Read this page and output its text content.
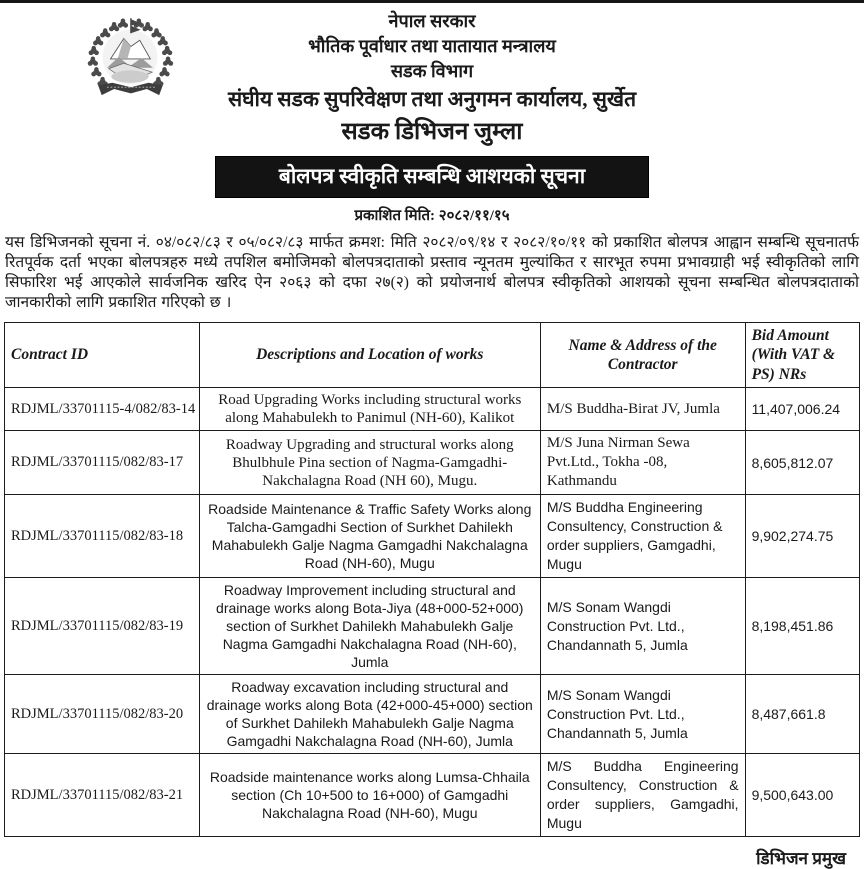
नेपाल सरकार
भौतिक पूर्वाधार तथा यातायात मन्त्रालय
सडक विभाग
संघीय सडक सुपरिवेक्षण तथा अनुगमन कार्यालय, सुर्खेत
सडक डिभिजन जुम्ला
बोलपत्र स्वीकृति सम्बन्धि आशयको सूचना
प्रकाशित मिति: २०८२/११/१५

यस डिभिजनको सूचना नं. ०४/०८२/८३ र ०५/०८२/८३ मार्फत क्रमश: मिति २०८२/०९/१४ र २०८२/१०/११ को प्रकाशित बोलपत्र आह्वान सम्बन्धि सूचनातर्फ रितपूर्वक दर्ता भएका बोलपत्रहरु मध्ये तपशिल बमोजिमको बोलपत्रदाताको प्रस्ताव न्यूनतम मुल्यांकित र सारभूत रुपमा प्रभावग्राही भई स्वीकृतिको लागि सिफारिश भई आएकोले सार्वजनिक खरिद ऐन २०६३ को दफा २७(२) को प्रयोजनार्थ बोलपत्र स्वीकृतिको आशयको सूचना सम्बन्धित बोलपत्रदाताको जानकारीको लागि प्रकाशित गरिएको छ ।

Contract ID	Descriptions and Location of works	Name & Address of the Contractor	Bid Amount (With VAT & PS) NRs
RDJML/33701115-4/082/83-14	Road Upgrading Works including structural works along Mahabulekh to Panimul (NH-60), Kalikot	M/S Buddha-Birat JV, Jumla	11,407,006.24
RDJML/33701115/082/83-17	Roadway Upgrading and structural works along Bhulbhule Pina section of Nagma-Gamgadhi-Nakchalagna Road (NH 60), Mugu.	M/S Juna Nirman Sewa Pvt.Ltd., Tokha -08, Kathmandu	8,605,812.07
RDJML/33701115/082/83-18	Roadside Maintenance & Traffic Safety Works along Talcha-Gamgadhi Section of Surkhet Dahilekh Mahabulekh Galje Nagma Gamgadhi Nakchalagna Road (NH-60), Mugu	M/S Buddha Engineering Consultency, Construction & order suppliers, Gamgadhi, Mugu	9,902,274.75
RDJML/33701115/082/83-19	Roadway Improvement including structural and drainage works along Bota-Jiya (48+000-52+000) section of Surkhet Dahilekh Mahabulekh Galje Nagma Gamgadhi Nakchalagna Road (NH-60), Jumla	M/S Sonam Wangdi Construction Pvt. Ltd., Chandannath 5, Jumla	8,198,451.86
RDJML/33701115/082/83-20	Roadway excavation including structural and drainage works along Bota (42+000-45+000) section of Surkhet Dahilekh Mahabulekh Galje Nagma Gamgadhi Nakchalagna Road (NH-60), Jumla	M/S Sonam Wangdi Construction Pvt. Ltd., Chandannath 5, Jumla	8,487,661.8
RDJML/33701115/082/83-21	Roadside maintenance works along Lumsa-Chhaila section (Ch 10+500 to 16+000) of Gamgadhi Nakchalagna Road (NH-60), Mugu	M/S Buddha Engineering Consultency, Construction & order suppliers, Gamgadhi, Mugu	9,500,643.00
डिभिजन प्रमुख
